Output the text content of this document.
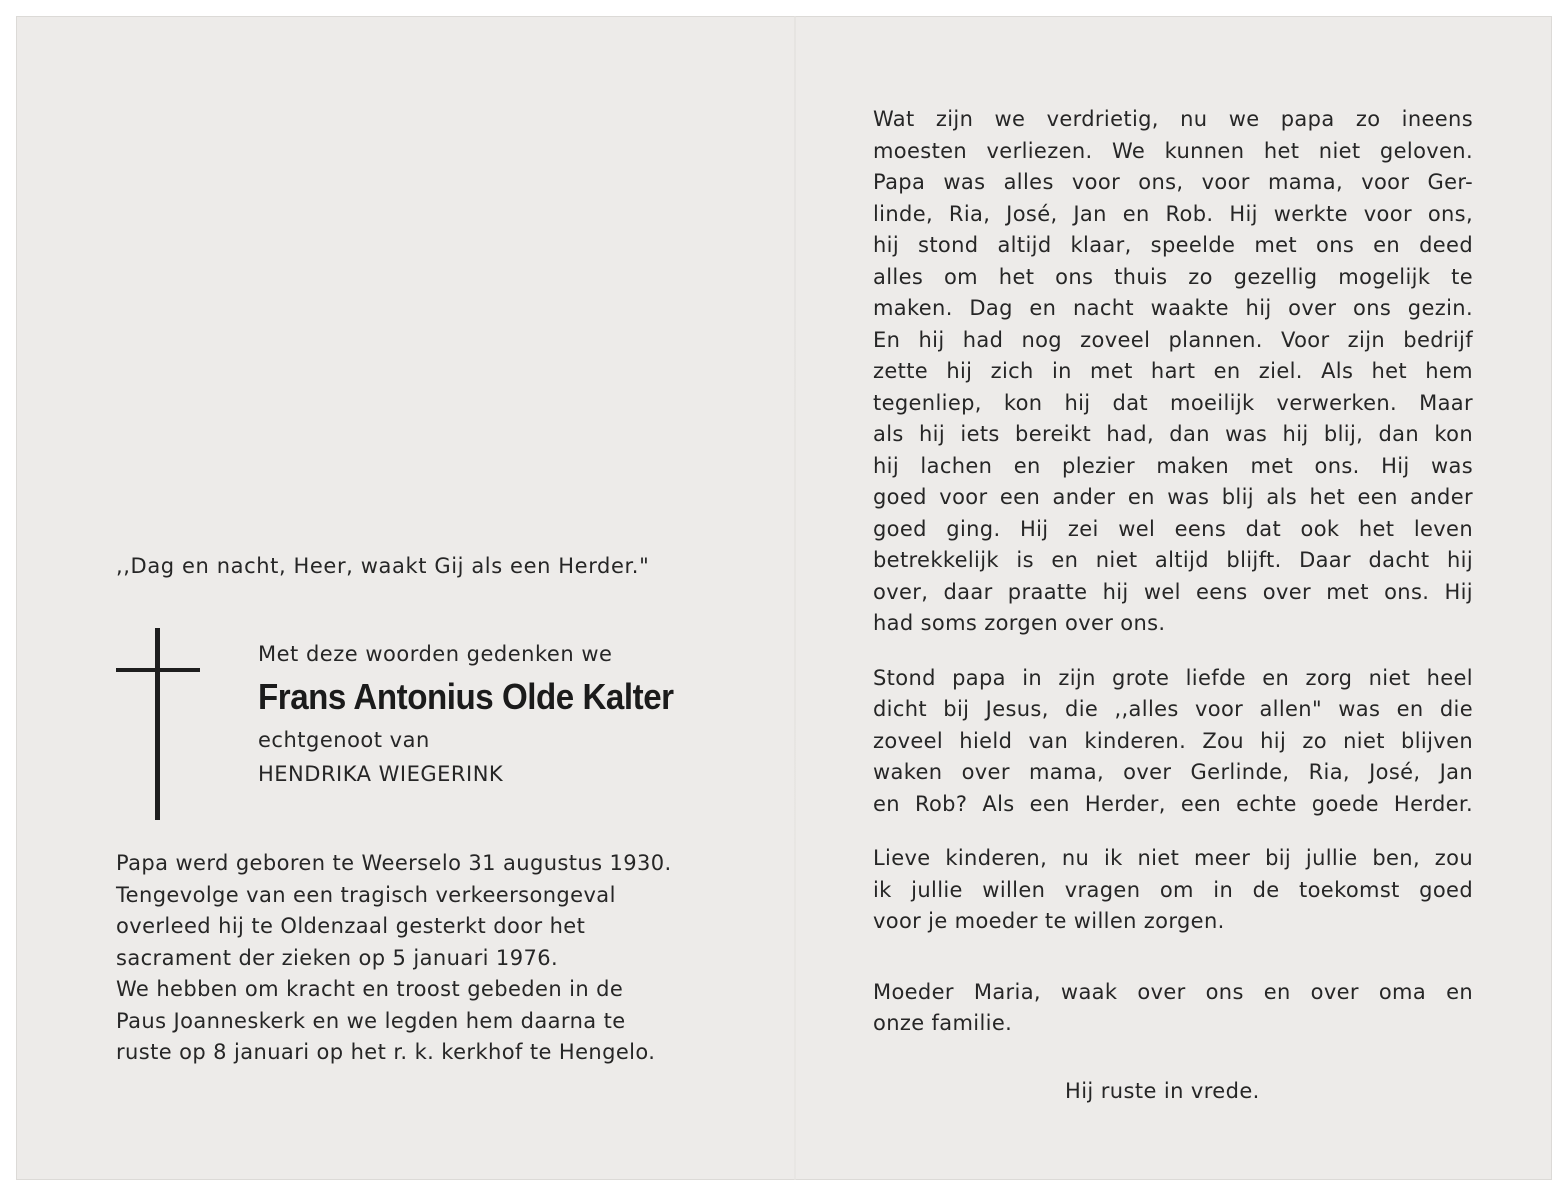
,,Dag en nacht, Heer, waakt Gij als een Herder."
Met deze woorden gedenken we
Frans Antonius Olde Kalter
echtgenoot van
HENDRIKA WIEGERINK
Papa werd geboren te Weerselo 31 augustus 1930.
Tengevolge van een tragisch verkeersongeval
overleed hij te Oldenzaal gesterkt door het
sacrament der zieken op 5 januari 1976.
We hebben om kracht en troost gebeden in de
Paus Joanneskerk en we legden hem daarna te
ruste op 8 januari op het r. k. kerkhof te Hengelo.
Wat zijn we verdrietig, nu we papa zo ineens
moesten verliezen. We kunnen het niet geloven.
Papa was alles voor ons, voor mama, voor Ger-
linde, Ria, José, Jan en Rob. Hij werkte voor ons,
hij stond altijd klaar, speelde met ons en deed
alles om het ons thuis zo gezellig mogelijk te
maken. Dag en nacht waakte hij over ons gezin.
En hij had nog zoveel plannen. Voor zijn bedrijf
zette hij zich in met hart en ziel. Als het hem
tegenliep, kon hij dat moeilijk verwerken. Maar
als hij iets bereikt had, dan was hij blij, dan kon
hij lachen en plezier maken met ons. Hij was
goed voor een ander en was blij als het een ander
goed ging. Hij zei wel eens dat ook het leven
betrekkelijk is en niet altijd blijft. Daar dacht hij
over, daar praatte hij wel eens over met ons. Hij
had soms zorgen over ons.
Stond papa in zijn grote liefde en zorg niet heel
dicht bij Jesus, die ,,alles voor allen" was en die
zoveel hield van kinderen. Zou hij zo niet blijven
waken over mama, over Gerlinde, Ria, José, Jan
en Rob? Als een Herder, een echte goede Herder.
Lieve kinderen, nu ik niet meer bij jullie ben, zou
ik jullie willen vragen om in de toekomst goed
voor je moeder te willen zorgen.
Moeder Maria, waak over ons en over oma en
onze familie.
Hij ruste in vrede.
